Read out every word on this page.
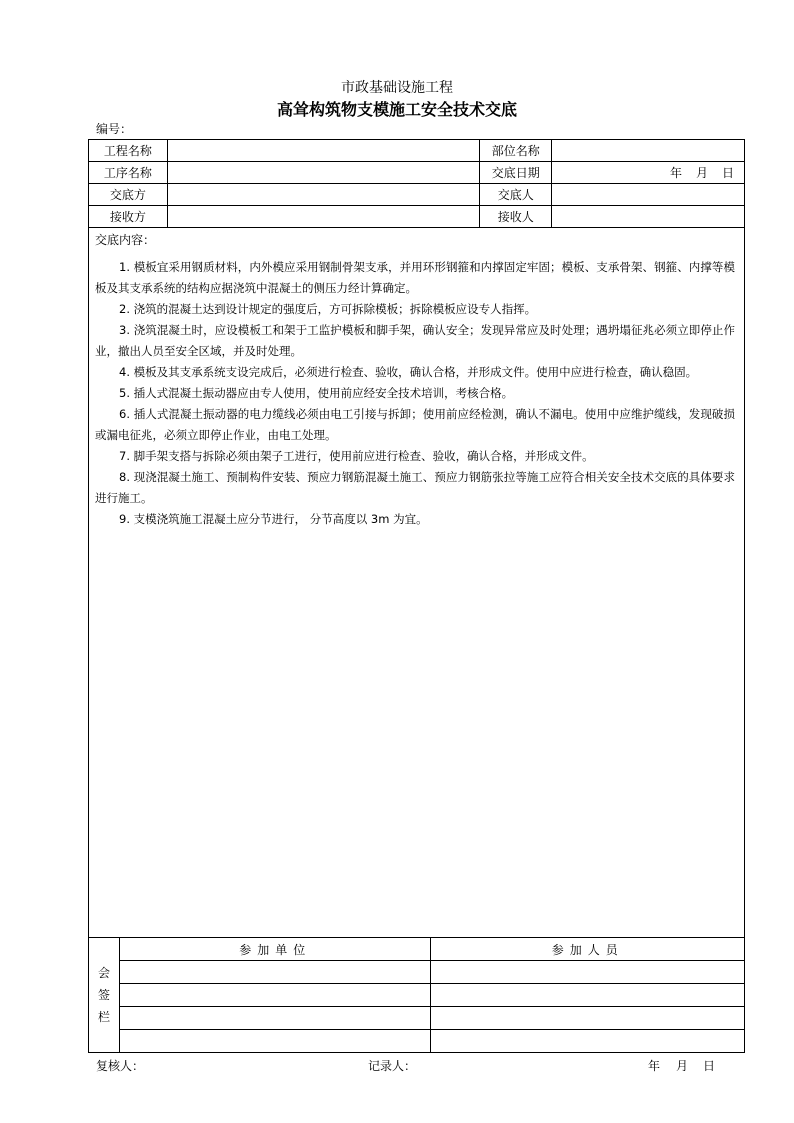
市政基础设施工程
高耸构筑物支模施工安全技术交底
编号：
工程名称		部位名称	
工序名称		交底日期	年 月 日
交底方		交底人	
接收方		接收人	
交底内容：

1. 模板宜采用钢质材料，内外模应采用钢制骨架支承，并用环形钢箍和内撑固定牢固；模板、支承骨架、钢箍、内撑等模板及其支承系统的结构应据浇筑中混凝土的侧压力经计算确定。

2. 浇筑的混凝土达到设计规定的强度后，方可拆除模板；拆除模板应设专人指挥。

3. 浇筑混凝土时，应设模板工和架于工监护模板和脚手架，确认安全；发现异常应及时处理；遇坍塌征兆必须立即停止作业，撤出人员至安全区域，并及时处理。

4. 模板及其支承系统支设完成后，必须进行检查、验收，确认合格，并形成文件。使用中应进行检查，确认稳固。

5. 插人式混凝土振动器应由专人使用，使用前应经安全技术培训，考核合格。

6. 插人式混凝土振动器的电力缆线必须由电工引接与拆卸；使用前应经检测，确认不漏电。使用中应维护缆线，发现破损或漏电征兆，必须立即停止作业，由电工处理。

7. 脚手架支搭与拆除必须由架子工进行，使用前应进行检查、验收，确认合格，并形成文件。

8. 现浇混凝土施工、预制构件安装、预应力钢筋混凝土施工、预应力钢筋张拉等施工应符合相关安全技术交底的具体要求进行施工。

9. 支模浇筑施工混凝土应分节进行， 分节高度以 3m 为宜。

会
签
栏	参加单位	参加人员

复核人：	记录人：	年 月 日
